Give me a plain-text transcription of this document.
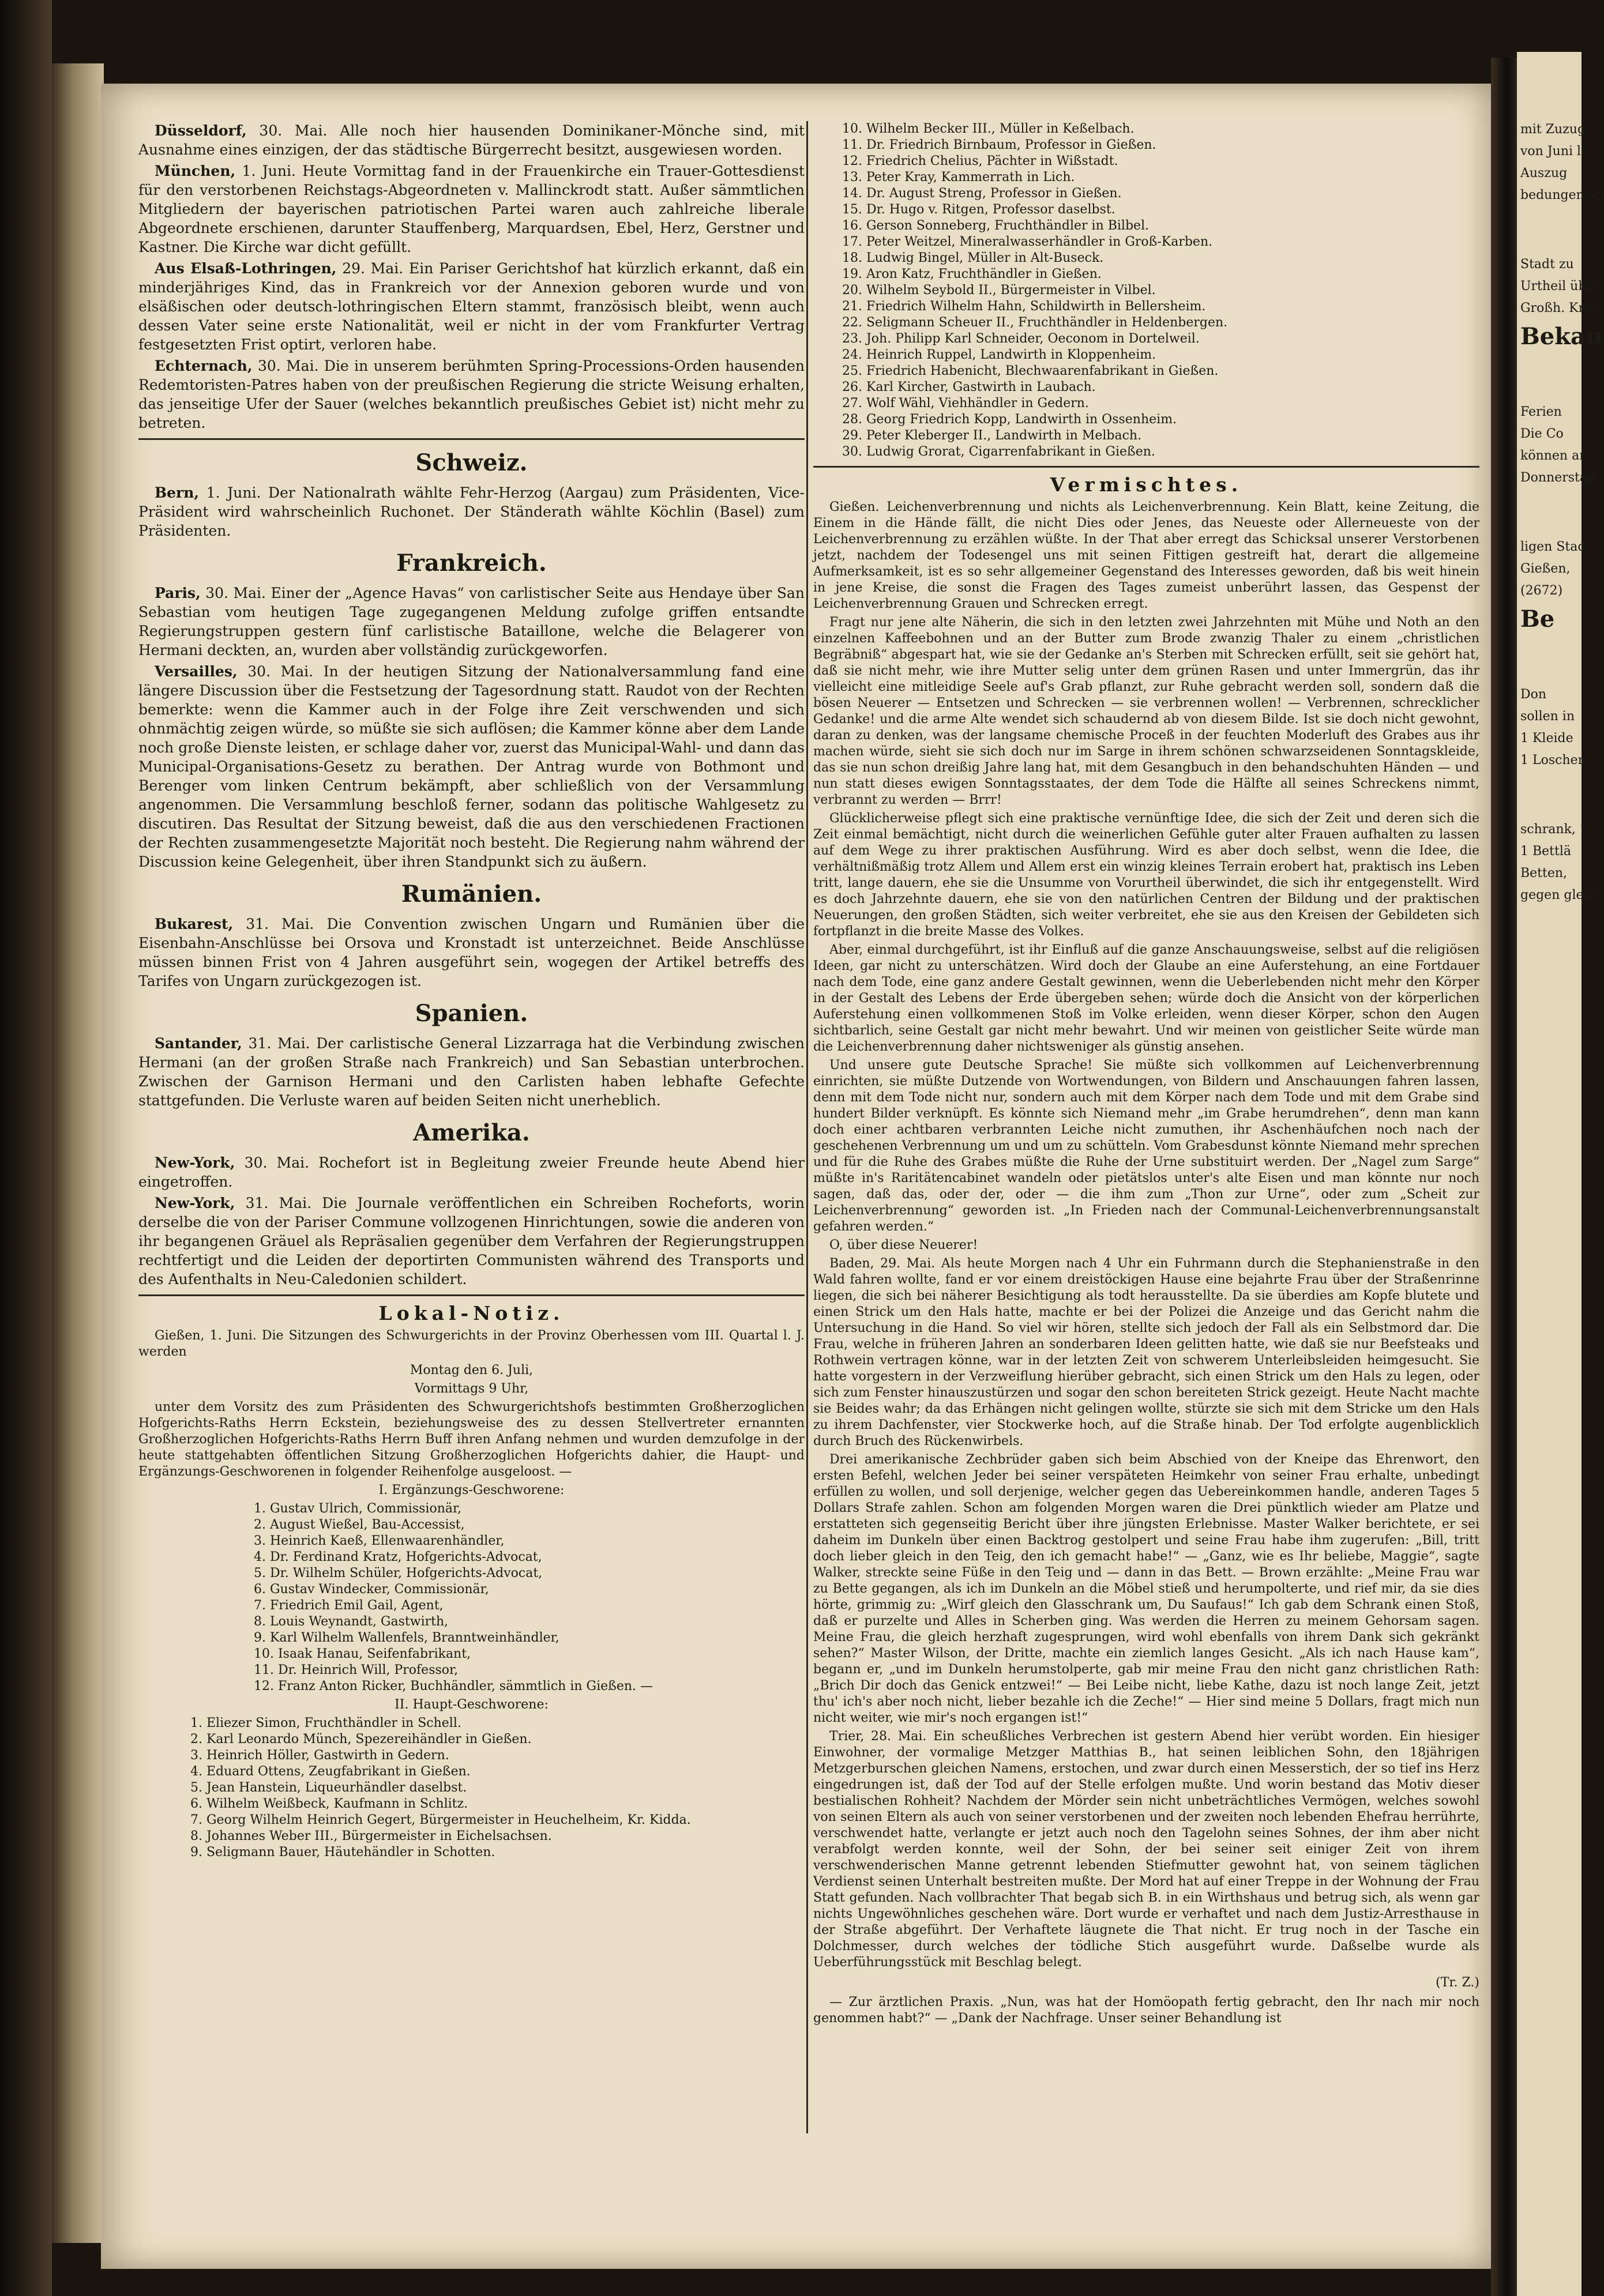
mit Zuzug
von Juni l
Auszug
bedungen an
Stadt zu
Urtheil über
Großh. Kreis
Bekan
Ferien
Die Co
können an
Donnerstag
ligen Stad
Gießen,
(2672)
Be
Don
sollen in
1 Kleide
1 Loschen
schrank, 1
1 Bettlä
Betten,
gegen gleich

Düsseldorf, 30. Mai. Alle noch hier hausenden Dominikaner-Mönche sind, mit Ausnahme eines einzigen, der das städtische Bürgerrecht besitzt, ausgewiesen worden.

München, 1. Juni. Heute Vormittag fand in der Frauenkirche ein Trauer-Gottesdienst für den verstorbenen Reichstags-Abgeordneten v. Mallinckrodt statt. Außer sämmtlichen Mitgliedern der bayerischen patriotischen Partei waren auch zahlreiche liberale Abgeordnete erschienen, darunter Stauffenberg, Marquardsen, Ebel, Herz, Gerstner und Kastner. Die Kirche war dicht gefüllt.

Aus Elsaß-Lothringen, 29. Mai. Ein Pariser Gerichtshof hat kürzlich erkannt, daß ein minderjähriges Kind, das in Frankreich vor der Annexion geboren wurde und von elsäßischen oder deutsch-lothringischen Eltern stammt, französisch bleibt, wenn auch dessen Vater seine erste Nationalität, weil er nicht in der vom Frankfurter Vertrag festgesetzten Frist optirt, verloren habe.

Echternach, 30. Mai. Die in unserem berühmten Spring-Processions-Orden hausenden Redemtoristen-Patres haben von der preußischen Regierung die stricte Weisung erhalten, das jenseitige Ufer der Sauer (welches bekanntlich preußisches Gebiet ist) nicht mehr zu betreten.

Schweiz.

Bern, 1. Juni. Der Nationalrath wählte Fehr-Herzog (Aargau) zum Präsidenten, Vice-Präsident wird wahrscheinlich Ruchonet. Der Ständerath wählte Köchlin (Basel) zum Präsidenten.

Frankreich.

Paris, 30. Mai. Einer der „Agence Havas“ von carlistischer Seite aus Hendaye über San Sebastian vom heutigen Tage zugegangenen Meldung zufolge griffen entsandte Regierungstruppen gestern fünf carlistische Bataillone, welche die Belagerer von Hermani deckten, an, wurden aber vollständig zurückgeworfen.

Versailles, 30. Mai. In der heutigen Sitzung der Nationalversammlung fand eine längere Discussion über die Festsetzung der Tagesordnung statt. Raudot von der Rechten bemerkte: wenn die Kammer auch in der Folge ihre Zeit verschwenden und sich ohnmächtig zeigen würde, so müßte sie sich auflösen; die Kammer könne aber dem Lande noch große Dienste leisten, er schlage daher vor, zuerst das Municipal-Wahl- und dann das Municipal-Organisations-Gesetz zu berathen. Der Antrag wurde von Bothmont und Berenger vom linken Centrum bekämpft, aber schließlich von der Versammlung angenommen. Die Versammlung beschloß ferner, sodann das politische Wahlgesetz zu discutiren. Das Resultat der Sitzung beweist, daß die aus den verschiedenen Fractionen der Rechten zusammengesetzte Majorität noch besteht. Die Regierung nahm während der Discussion keine Gelegenheit, über ihren Standpunkt sich zu äußern.

Rumänien.

Bukarest, 31. Mai. Die Convention zwischen Ungarn und Rumänien über die Eisenbahn-Anschlüsse bei Orsova und Kronstadt ist unterzeichnet. Beide Anschlüsse müssen binnen Frist von 4 Jahren ausgeführt sein, wogegen der Artikel betreffs des Tarifes von Ungarn zurückgezogen ist.

Spanien.

Santander, 31. Mai. Der carlistische General Lizzarraga hat die Verbindung zwischen Hermani (an der großen Straße nach Frankreich) und San Sebastian unterbrochen. Zwischen der Garnison Hermani und den Carlisten haben lebhafte Gefechte stattgefunden. Die Verluste waren auf beiden Seiten nicht unerheblich.

Amerika.

New-York, 30. Mai. Rochefort ist in Begleitung zweier Freunde heute Abend hier eingetroffen.

New-York, 31. Mai. Die Journale veröffentlichen ein Schreiben Rocheforts, worin derselbe die von der Pariser Commune vollzogenen Hinrichtungen, sowie die anderen von ihr begangenen Gräuel als Repräsalien gegenüber dem Verfahren der Regierungstruppen rechtfertigt und die Leiden der deportirten Communisten während des Transports und des Aufenthalts in Neu-Caledonien schildert.

Lokal-Notiz.

Gießen, 1. Juni. Die Sitzungen des Schwurgerichts in der Provinz Oberhessen vom III. Quartal l. J. werden

Montag den 6. Juli,

Vormittags 9 Uhr,

unter dem Vorsitz des zum Präsidenten des Schwurgerichtshofs bestimmten Großherzoglichen Hofgerichts-Raths Herrn Eckstein, beziehungsweise des zu dessen Stellvertreter ernannten Großherzoglichen Hofgerichts-Raths Herrn Buff ihren Anfang nehmen und wurden demzufolge in der heute stattgehabten öffentlichen Sitzung Großherzoglichen Hofgerichts dahier, die Haupt- und Ergänzungs-Geschworenen in folgender Reihenfolge ausgeloost. —

I. Ergänzungs-Geschworene:

1. Gustav Ulrich, Commissionär,
2. August Wießel, Bau-Accessist,
3. Heinrich Kaeß, Ellenwaarenhändler,
4. Dr. Ferdinand Kratz, Hofgerichts-Advocat,
5. Dr. Wilhelm Schüler, Hofgerichts-Advocat,
6. Gustav Windecker, Commissionär,
7. Friedrich Emil Gail, Agent,
8. Louis Weynandt, Gastwirth,
9. Karl Wilhelm Wallenfels, Branntweinhändler,
10. Isaak Hanau, Seifenfabrikant,
11. Dr. Heinrich Will, Professor,
12. Franz Anton Ricker, Buchhändler, sämmtlich in Gießen. —

II. Haupt-Geschworene:

1. Eliezer Simon, Fruchthändler in Schell.
2. Karl Leonardo Münch, Spezereihändler in Gießen.
3. Heinrich Höller, Gastwirth in Gedern.
4. Eduard Ottens, Zeugfabrikant in Gießen.
5. Jean Hanstein, Liqueurhändler daselbst.
6. Wilhelm Weißbeck, Kaufmann in Schlitz.
7. Georg Wilhelm Heinrich Gegert, Bürgermeister in Heuchelheim, Kr. Kidda.
8. Johannes Weber III., Bürgermeister in Eichelsachsen.
9. Seligmann Bauer, Häutehändler in Schotten.
10. Wilhelm Becker III., Müller in Keßelbach.
11. Dr. Friedrich Birnbaum, Professor in Gießen.
12. Friedrich Chelius, Pächter in Wißstadt.
13. Peter Kray, Kammerrath in Lich.
14. Dr. August Streng, Professor in Gießen.
15. Dr. Hugo v. Ritgen, Professor daselbst.
16. Gerson Sonneberg, Fruchthändler in Bilbel.
17. Peter Weitzel, Mineralwasserhändler in Groß-Karben.
18. Ludwig Bingel, Müller in Alt-Buseck.
19. Aron Katz, Fruchthändler in Gießen.
20. Wilhelm Seybold II., Bürgermeister in Vilbel.
21. Friedrich Wilhelm Hahn, Schildwirth in Bellersheim.
22. Seligmann Scheuer II., Fruchthändler in Heldenbergen.
23. Joh. Philipp Karl Schneider, Oeconom in Dortelweil.
24. Heinrich Ruppel, Landwirth in Kloppenheim.
25. Friedrich Habenicht, Blechwaarenfabrikant in Gießen.
26. Karl Kircher, Gastwirth in Laubach.
27. Wolf Wähl, Viehhändler in Gedern.
28. Georg Friedrich Kopp, Landwirth in Ossenheim.
29. Peter Kleberger II., Landwirth in Melbach.
30. Ludwig Grorat, Cigarrenfabrikant in Gießen.
Vermischtes.

Gießen. Leichenverbrennung und nichts als Leichenverbrennung. Kein Blatt, keine Zeitung, die Einem in die Hände fällt, die nicht Dies oder Jenes, das Neueste oder Allerneueste von der Leichenverbrennung zu erzählen wüßte. In der That aber erregt das Schicksal unserer Verstorbenen jetzt, nachdem der Todesengel uns mit seinen Fittigen gestreift hat, derart die allgemeine Aufmerksamkeit, ist es so sehr allgemeiner Gegenstand des Interesses geworden, daß bis weit hinein in jene Kreise, die sonst die Fragen des Tages zumeist unberührt lassen, das Gespenst der Leichenverbrennung Grauen und Schrecken erregt.

Fragt nur jene alte Näherin, die sich in den letzten zwei Jahrzehnten mit Mühe und Noth an den einzelnen Kaffeebohnen und an der Butter zum Brode zwanzig Thaler zu einem „christlichen Begräbniß“ abgespart hat, wie sie der Gedanke an's Sterben mit Schrecken erfüllt, seit sie gehört hat, daß sie nicht mehr, wie ihre Mutter selig unter dem grünen Rasen und unter Immergrün, das ihr vielleicht eine mitleidige Seele auf's Grab pflanzt, zur Ruhe gebracht werden soll, sondern daß die bösen Neuerer — Entsetzen und Schrecken — sie verbrennen wollen! — Verbrennen, schrecklicher Gedanke! und die arme Alte wendet sich schaudernd ab von diesem Bilde. Ist sie doch nicht gewohnt, daran zu denken, was der langsame chemische Proceß in der feuchten Moderluft des Grabes aus ihr machen würde, sieht sie sich doch nur im Sarge in ihrem schönen schwarzseidenen Sonntagskleide, das sie nun schon dreißig Jahre lang hat, mit dem Gesangbuch in den behandschuhten Händen — und nun statt dieses ewigen Sonntagsstaates, der dem Tode die Hälfte all seines Schreckens nimmt, verbrannt zu werden — Brrr!

Glücklicherweise pflegt sich eine praktische vernünftige Idee, die sich der Zeit und deren sich die Zeit einmal bemächtigt, nicht durch die weinerlichen Gefühle guter alter Frauen aufhalten zu lassen auf dem Wege zu ihrer praktischen Ausführung. Wird es aber doch selbst, wenn die Idee, die verhältnißmäßig trotz Allem und Allem erst ein winzig kleines Terrain erobert hat, praktisch ins Leben tritt, lange dauern, ehe sie die Unsumme von Vorurtheil überwindet, die sich ihr entgegenstellt. Wird es doch Jahrzehnte dauern, ehe sie von den natürlichen Centren der Bildung und der praktischen Neuerungen, den großen Städten, sich weiter verbreitet, ehe sie aus den Kreisen der Gebildeten sich fortpflanzt in die breite Masse des Volkes.

Aber, einmal durchgeführt, ist ihr Einfluß auf die ganze Anschauungsweise, selbst auf die religiösen Ideen, gar nicht zu unterschätzen. Wird doch der Glaube an eine Auferstehung, an eine Fortdauer nach dem Tode, eine ganz andere Gestalt gewinnen, wenn die Ueberlebenden nicht mehr den Körper in der Gestalt des Lebens der Erde übergeben sehen; würde doch die Ansicht von der körperlichen Auferstehung einen vollkommenen Stoß im Volke erleiden, wenn dieser Körper, schon den Augen sichtbarlich, seine Gestalt gar nicht mehr bewahrt. Und wir meinen von geistlicher Seite würde man die Leichenverbrennung daher nichtsweniger als günstig ansehen.

Und unsere gute Deutsche Sprache! Sie müßte sich vollkommen auf Leichenverbrennung einrichten, sie müßte Dutzende von Wortwendungen, von Bildern und Anschauungen fahren lassen, denn mit dem Tode nicht nur, sondern auch mit dem Körper nach dem Tode und mit dem Grabe sind hundert Bilder verknüpft. Es könnte sich Niemand mehr „im Grabe herumdrehen“, denn man kann doch einer achtbaren verbrannten Leiche nicht zumuthen, ihr Aschenhäufchen noch nach der geschehenen Verbrennung um und um zu schütteln. Vom Grabesdunst könnte Niemand mehr sprechen und für die Ruhe des Grabes müßte die Ruhe der Urne substituirt werden. Der „Nagel zum Sarge“ müßte in's Raritätencabinet wandeln oder pietätslos unter's alte Eisen und man könnte nur noch sagen, daß das, oder der, oder — die ihm zum „Thon zur Urne“, oder zum „Scheit zur Leichenverbrennung“ geworden ist. „In Frieden nach der Communal-Leichenverbrennungsanstalt gefahren werden.“

O, über diese Neuerer!

Baden, 29. Mai. Als heute Morgen nach 4 Uhr ein Fuhrmann durch die Stephanienstraße in den Wald fahren wollte, fand er vor einem dreistöckigen Hause eine bejahrte Frau über der Straßenrinne liegen, die sich bei näherer Besichtigung als todt herausstellte. Da sie überdies am Kopfe blutete und einen Strick um den Hals hatte, machte er bei der Polizei die Anzeige und das Gericht nahm die Untersuchung in die Hand. So viel wir hören, stellte sich jedoch der Fall als ein Selbstmord dar. Die Frau, welche in früheren Jahren an sonderbaren Ideen gelitten hatte, wie daß sie nur Beefsteaks und Rothwein vertragen könne, war in der letzten Zeit von schwerem Unterleibsleiden heimgesucht. Sie hatte vorgestern in der Verzweiflung hierüber gebracht, sich einen Strick um den Hals zu legen, oder sich zum Fenster hinauszustürzen und sogar den schon bereiteten Strick gezeigt. Heute Nacht machte sie Beides wahr; da das Erhängen nicht gelingen wollte, stürzte sie sich mit dem Stricke um den Hals zu ihrem Dachfenster, vier Stockwerke hoch, auf die Straße hinab. Der Tod erfolgte augenblicklich durch Bruch des Rückenwirbels.

Drei amerikanische Zechbrüder gaben sich beim Abschied von der Kneipe das Ehrenwort, den ersten Befehl, welchen Jeder bei seiner verspäteten Heimkehr von seiner Frau erhalte, unbedingt erfüllen zu wollen, und soll derjenige, welcher gegen das Uebereinkommen handle, anderen Tages 5 Dollars Strafe zahlen. Schon am folgenden Morgen waren die Drei pünktlich wieder am Platze und erstatteten sich gegenseitig Bericht über ihre jüngsten Erlebnisse. Master Walker berichtete, er sei daheim im Dunkeln über einen Backtrog gestolpert und seine Frau habe ihm zugerufen: „Bill, tritt doch lieber gleich in den Teig, den ich gemacht habe!“ — „Ganz, wie es Ihr beliebe, Maggie“, sagte Walker, streckte seine Füße in den Teig und — dann in das Bett. — Brown erzählte: „Meine Frau war zu Bette gegangen, als ich im Dunkeln an die Möbel stieß und herumpolterte, und rief mir, da sie dies hörte, grimmig zu: „Wirf gleich den Glasschrank um, Du Saufaus!“ Ich gab dem Schrank einen Stoß, daß er purzelte und Alles in Scherben ging. Was werden die Herren zu meinem Gehorsam sagen. Meine Frau, die gleich herzhaft zugesprungen, wird wohl ebenfalls von ihrem Dank sich gekränkt sehen?“ Master Wilson, der Dritte, machte ein ziemlich langes Gesicht. „Als ich nach Hause kam“, begann er, „und im Dunkeln herumstolperte, gab mir meine Frau den nicht ganz christlichen Rath: „Brich Dir doch das Genick entzwei!“ — Bei Leibe nicht, liebe Kathe, dazu ist noch lange Zeit, jetzt thu' ich's aber noch nicht, lieber bezahle ich die Zeche!“ — Hier sind meine 5 Dollars, fragt mich nun nicht weiter, wie mir's noch ergangen ist!“

Trier, 28. Mai. Ein scheußliches Verbrechen ist gestern Abend hier verübt worden. Ein hiesiger Einwohner, der vormalige Metzger Matthias B., hat seinen leiblichen Sohn, den 18jährigen Metzgerburschen gleichen Namens, erstochen, und zwar durch einen Messerstich, der so tief ins Herz eingedrungen ist, daß der Tod auf der Stelle erfolgen mußte. Und worin bestand das Motiv dieser bestialischen Rohheit? Nachdem der Mörder sein nicht unbeträchtliches Vermögen, welches sowohl von seinen Eltern als auch von seiner verstorbenen und der zweiten noch lebenden Ehefrau herrührte, verschwendet hatte, verlangte er jetzt auch noch den Tagelohn seines Sohnes, der ihm aber nicht verabfolgt werden konnte, weil der Sohn, der bei seiner seit einiger Zeit von ihrem verschwenderischen Manne getrennt lebenden Stiefmutter gewohnt hat, von seinem täglichen Verdienst seinen Unterhalt bestreiten mußte. Der Mord hat auf einer Treppe in der Wohnung der Frau Statt gefunden. Nach vollbrachter That begab sich B. in ein Wirthshaus und betrug sich, als wenn gar nichts Ungewöhnliches geschehen wäre. Dort wurde er verhaftet und nach dem Justiz-Arresthause in der Straße abgeführt. Der Verhaftete läugnete die That nicht. Er trug noch in der Tasche ein Dolchmesser, durch welches der tödliche Stich ausgeführt wurde. Daßselbe wurde als Ueberführungsstück mit Beschlag belegt.

(Tr. Z.)

— Zur ärztlichen Praxis. „Nun, was hat der Homöopath fertig gebracht, den Ihr nach mir noch genommen habt?“ — „Dank der Nachfrage. Unser seiner Behandlung ist
